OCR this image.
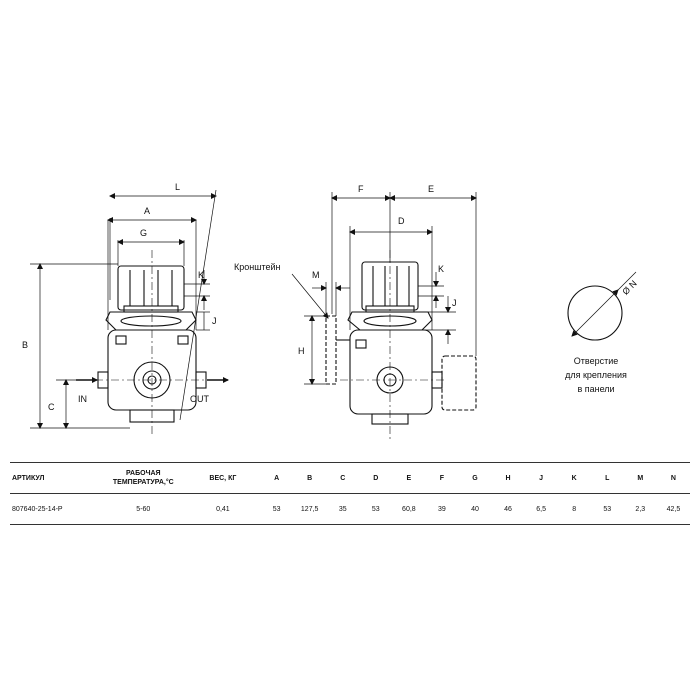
L
A
G
K
J
B
C
IN	OUT
F	E
D
M
H
J
K
Кронштейн
Ø N
Отверстие
для крепления
в панели
АРТИКУЛ	РАБОЧАЯ ТЕМПЕРАТУРА,°С	ВЕС, КГ	A	B	C	D	E	F	G	H	J	K	L	M	N
807640-25-14-P	5-60	0,41	53	127,5	35	53	60,8	39	40	46	6,5	8	53	2,3	42,5
